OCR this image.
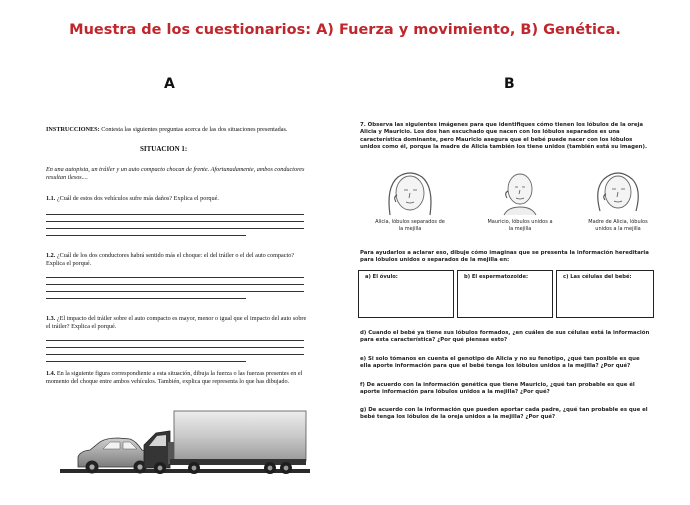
Muestra de los cuestionarios: A) Fuerza y movimiento, B) Genética.
A	B
INSTRUCCIONES: Contesta las siguientes preguntas acerca de las dos situaciones presentadas.
SITUACION 1:
En una autopista, un tráiler y un auto compacto chocan de frente. Afortunadamente, ambos conductores resultan ilesos....
1.1. ¿Cuál de estos dos vehículos sufre más daños? Explica el porqué.
1.2. ¿Cuál de los dos conductores habrá sentido más el choque: el del tráiler o el del auto compacto? Explica el porqué.
1.3. ¿El impacto del tráiler sobre el auto compacto es mayor, menor o igual que el impacto del auto sobre el tráiler? Explica el porqué.
1.4. En la siguiente figura correspondiente a esta situación, dibuja la fuerza o las fuerzas presentes en el momento del choque entre ambos vehículos. También, explica que representa lo que has dibujado.
7. Observa las siguientes imágenes para que identifiques cómo tienen los lóbulos de la oreja Alicia y Mauricio. Los dos han escuchado que nacen con los lóbulos separados es una característica dominante, pero Mauricio asegura que el bebé puede nacer con los lóbulos unidos como él, porque la madre de Alicia también los tiene unidos (también está su imagen).
Alicia, lóbulos separados de la mejilla
Mauricio, lóbulos unidos a la mejilla
Madre de Alicia, lóbulos unidos a la mejilla
Para ayudarlos a aclarar eso, dibuje cómo imaginas que se presenta la información hereditaria para lóbulos unidos o separados de la mejilla en:
a) El óvulo:	b) El espermatozoide:	c) Las células del bebé:
d) Cuando el bebé ya tiene sus lóbulos formados, ¿en cuáles de sus células está la información para esta característica? ¿Por qué piensas esto?
e) Si solo tómanos en cuenta el genotipo de Alicia y no su fenotipo, ¿qué tan posible es que ella aporte información para que el bebé tenga los lóbulos unidos a la mejilla? ¿Por qué?
f) De acuerdo con la información genética que tiene Mauricio, ¿qué tan probable es que él aporte información para lóbulos unidos a la mejilla? ¿Por qué?
g) De acuerdo con la información que pueden aportar cada padre, ¿qué tan probable es que el bebé tenga los lóbulos de la oreja unidos a la mejilla? ¿Por qué?
